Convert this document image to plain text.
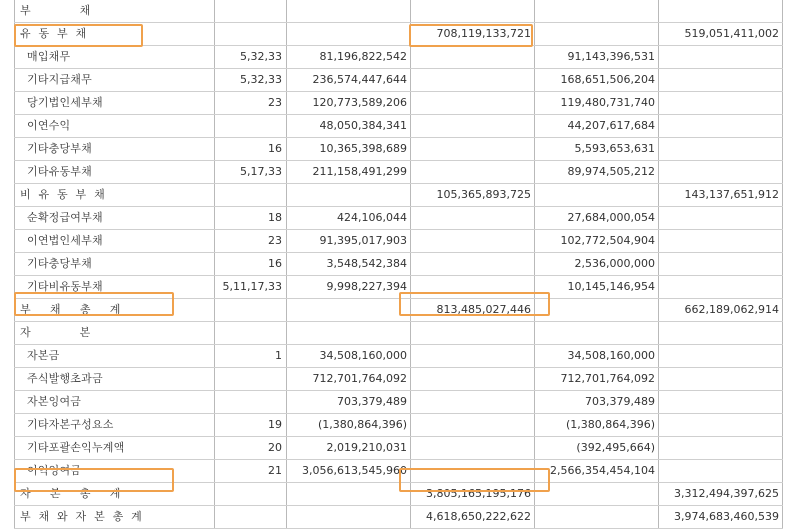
부              채					
유  동  부  채			708,119,133,721		519,051,411,002
매입채무	5,32,33	81,196,822,542		91,143,396,531	
기타지급채무	5,32,33	236,574,447,644		168,651,506,204	
당기법인세부채	23	120,773,589,206		119,480,731,740	
이연수익		48,050,384,341		44,207,617,684	
기타충당부채	16	10,365,398,689		5,593,653,631	
기타유동부채	5,17,33	211,158,491,299		89,974,505,212	
비  유  동  부  채			105,365,893,725		143,137,651,912
순확정급여부채	18	424,106,044		27,684,000,054	
이연법인세부채	23	91,395,017,903		102,772,504,904	
기타충당부채	16	3,548,542,384		2,536,000,000	
기타비유동부채	5,11,17,33	9,998,227,394		10,145,146,954	
부     채     총     계			813,485,027,446		662,189,062,914
자              본					
자본금	1	34,508,160,000		34,508,160,000	
주식발행초과금		712,701,764,092		712,701,764,092	
자본잉여금		703,379,489		703,379,489	
기타자본구성요소	19	(1,380,864,396)		(1,380,864,396)	
기타포괄손익누계액	20	2,019,210,031		(392,495,664)	
이익잉여금	21	3,056,613,545,960		2,566,354,454,104	
자     본     총     계			3,805,165,195,176		3,312,494,397,625
부  채  와  자  본  총  계			4,618,650,222,622		3,974,683,460,539
